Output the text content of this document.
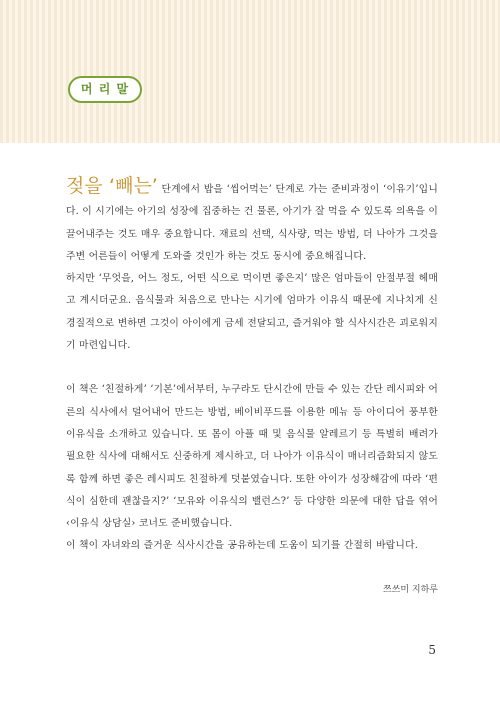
머 리 말

젖을 ‘빼는’ 단계에서 밥을 ‘씹어먹는’ 단계로 가는 준비과정이 ‘이유기’입니다. 이 시기에는 아기의 성장에 집중하는 건 물론, 아기가 잘 먹을 수 있도록 의욕을 이끌어내주는 것도 매우 중요합니다. 재료의 선택, 식사량, 먹는 방법, 더 나아가 그것을 주변 어른들이 어떻게 도와줄 것인가 하는 것도 동시에 중요해집니다.

하지만 ‘무엇을, 어느 정도, 어떤 식으로 먹이면 좋은지’ 많은 엄마들이 안절부절 헤매고 계시더군요. 음식물과 처음으로 만나는 시기에 엄마가 이유식 때문에 지나치게 신경질적으로 변하면 그것이 아이에게 금세 전달되고, 즐거워야 할 식사시간은 괴로워지기 마련입니다.

이 책은 ‘친절하게’ ‘기본’에서부터, 누구라도 단시간에 만들 수 있는 간단 레시피와 어른의 식사에서 덜어내어 만드는 방법, 베이비푸드를 이용한 메뉴 등 아이디어 풍부한 이유식을 소개하고 있습니다. 또 몸이 아플 때 및 음식물 알레르기 등 특별히 배려가 필요한 식사에 대해서도 신중하게 제시하고, 더 나아가 이유식이 매너리즘화되지 않도록 함께 하면 좋은 레시피도 친절하게 덧붙였습니다. 또한 아이가 성장해감에 따라 ‘편식이 심한데 괜찮을지?’ ‘모유와 이유식의 밸런스?’ 등 다양한 의문에 대한 답을 엮어 ‹이유식 상담실› 코너도 준비했습니다.

이 책이 자녀와의 즐거운 식사시간을 공유하는데 도움이 되기를 간절히 바랍니다.

쯔쓰미 지하루
5
